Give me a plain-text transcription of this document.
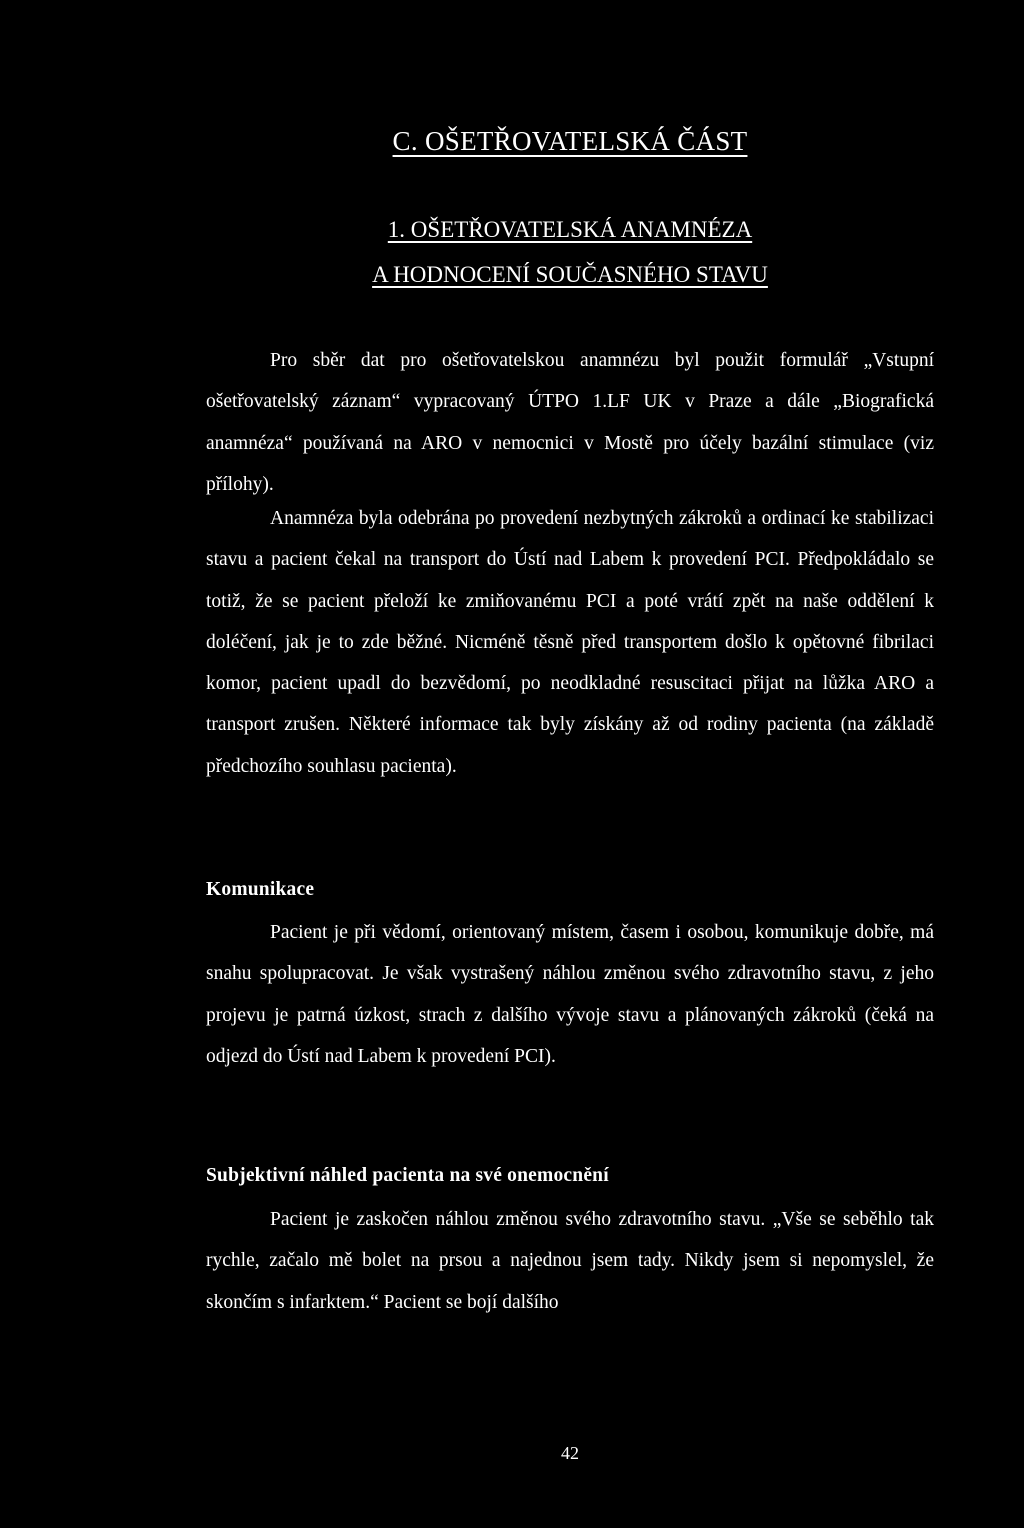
C. OŠETŘOVATELSKÁ ČÁST
1. OŠETŘOVATELSKÁ ANAMNÉZA
A HODNOCENÍ SOUČASNÉHO STAVU

Pro sběr dat pro ošetřovatelskou anamnézu byl použit formulář „Vstupní ošetřovatelský záznam“ vypracovaný ÚTPO 1.LF UK v Praze a dále „Biografická anamnéza“ používaná na ARO v nemocnici v Mostě pro účely bazální stimulace (viz přílohy).

Anamnéza byla odebrána po provedení nezbytných zákroků a ordinací ke stabilizaci stavu a pacient čekal na transport do Ústí nad Labem k provedení PCI. Předpokládalo se totiž, že se pacient přeloží ke zmiňovanému PCI a poté vrátí zpět na naše oddělení k doléčení, jak je to zde běžné. Nicméně těsně před transportem došlo k opětovné fibrilaci komor, pacient upadl do bezvědomí, po neodkladné resuscitaci přijat na lůžka ARO a transport zrušen. Některé informace tak byly získány až od rodiny pacienta (na základě předchozího souhlasu pacienta).

Komunikace

Pacient je při vědomí, orientovaný místem, časem i osobou, komunikuje dobře, má snahu spolupracovat. Je však vystrašený náhlou změnou svého zdravotního stavu, z jeho projevu je patrná úzkost, strach z dalšího vývoje stavu a plánovaných zákroků (čeká na odjezd do Ústí nad Labem k provedení PCI).

Subjektivní náhled pacienta na své onemocnění

Pacient je zaskočen náhlou změnou svého zdravotního stavu. „Vše se seběhlo tak rychle, začalo mě bolet na prsou a najednou jsem tady. Nikdy jsem si nepomyslel, že skončím s infarktem.“ Pacient se bojí dalšího

42
